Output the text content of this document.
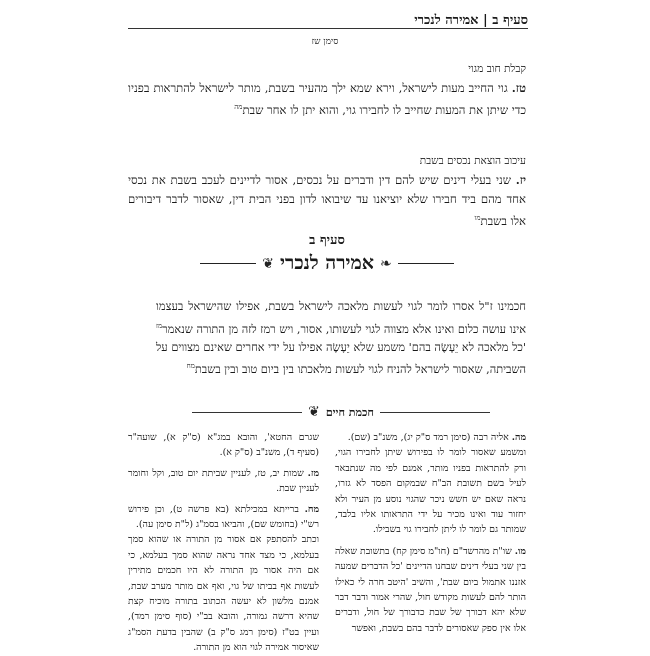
סעיף ב | אמירה לנכרי
סימן שז
קבלת חוב מגוי
טז. גוי החייב מעות לישראל, וירא שמא ילך מהעיר בשבת, מותר לישראל להתראות בפניו כדי שיתן את המעות שחייב לו לחבירו גוי, והוא יתן לו אחר שבת$^{מה}$
עיכוב הוצאת נכסים בשבת
יז. שני בעלי דינים שיש להם דין ודברים על נכסים, אסור לדיינים לעכב בשבת את נכסי אחד מהם ביד חבירו שלא יוציאנו עד שיבואו לדון בפני הבית דין, שאסור לדבר דיבורים אלו בשבת$^{מו}$
סעיף ב
❦ אמירה לנכרי ❧
חכמינו ז"ל אסרו לומר לגוי לעשות מלאכה לישראל בשבת, אפילו שהישראל בעצמו אינו עושה כלום ואינו אלא מצווה לגוי לעשותו, אסור, ויש רמז לזה מן התורה שנאמר$^{מז}$ 'כל מלאכה לא יֵעָשֶׂה בהם' משמע שלא יֵעָשֶׂה אפילו על ידי אחרים שאינם מצווים על השביתה, שאסור לישראל להניח לגוי לעשות מלאכתו בין ביום טוב ובין בשבת$^{מח}$
❦ חכמת חיים

מה. אליה רבה (סימן רמד ס"ק יג), משנ"ב (שם).

ומשמע שאסור לומר לו בפירוש שיתן לחבירו הגוי, ורק להתראות בפניו מותר, אמנם לפי מה שנתבאר לעיל בשם תשובת הב"ח שבמקום הפסד לא גזרו, נראה שאם יש חשש ניכר שהגוי נוסע מן העיר ולא יחזור עוד ואינו מכיר על ידי התראותו אליו בלבד, שמותר גם לומר לו ליתן לחבירו גוי בשבילו.

מו. שו"ת מהרשד"ם (חו"מ סימן קח) בתשובת שאלה בין שני בעלי דינים שבחנו הדיינים 'כל הדברים שמעה אזננו אתמול ביום שבת', והשיב 'היטב חרה לי כאילו הותר להם לעשות מקודש חול, שהרי אמור ודבר דבר שלא יהא דבורך של שבת כדבורך של חול, ודברים אלו אין ספק שאסורים לדבר בהם בשבת, ואפשר

שגרם החטא', והובא במג"א (ס"ק א), שועה"ר (סעיף ד), משנ"ב (ס"ק א).

מז. שמות יב, טז, לעניין שביתת יום טוב, וקל וחומר לעניין שבת.

מח. ברייתא במכילתא (בא פרשה ט), וכן פירוש רש"י (בחומש שם), והביאו בסמ"ג (ל"ת סימן עה).

וכתב להסתפק אם אסור מן התורה או שהוא סמך בעלמא, כי מצד אחד נראה שהוא סמך בעלמא, כי אם היה אסור מן התורה לא היו חכמים מתירין לעשות אף בביתו של גוי, ואף אם מותר מערב שבת, אמנם מלשון לא יעשה הכתוב בתורה מוכיח קצת שהיא דרשה גמורה, והובא בב"י (סוף סימן רמד), ועיין בט"ז (סימן רמג ס"ק ב) שהבין בדעת הסמ"ג שאיסור אמירה לגוי הוא מן התורה.
